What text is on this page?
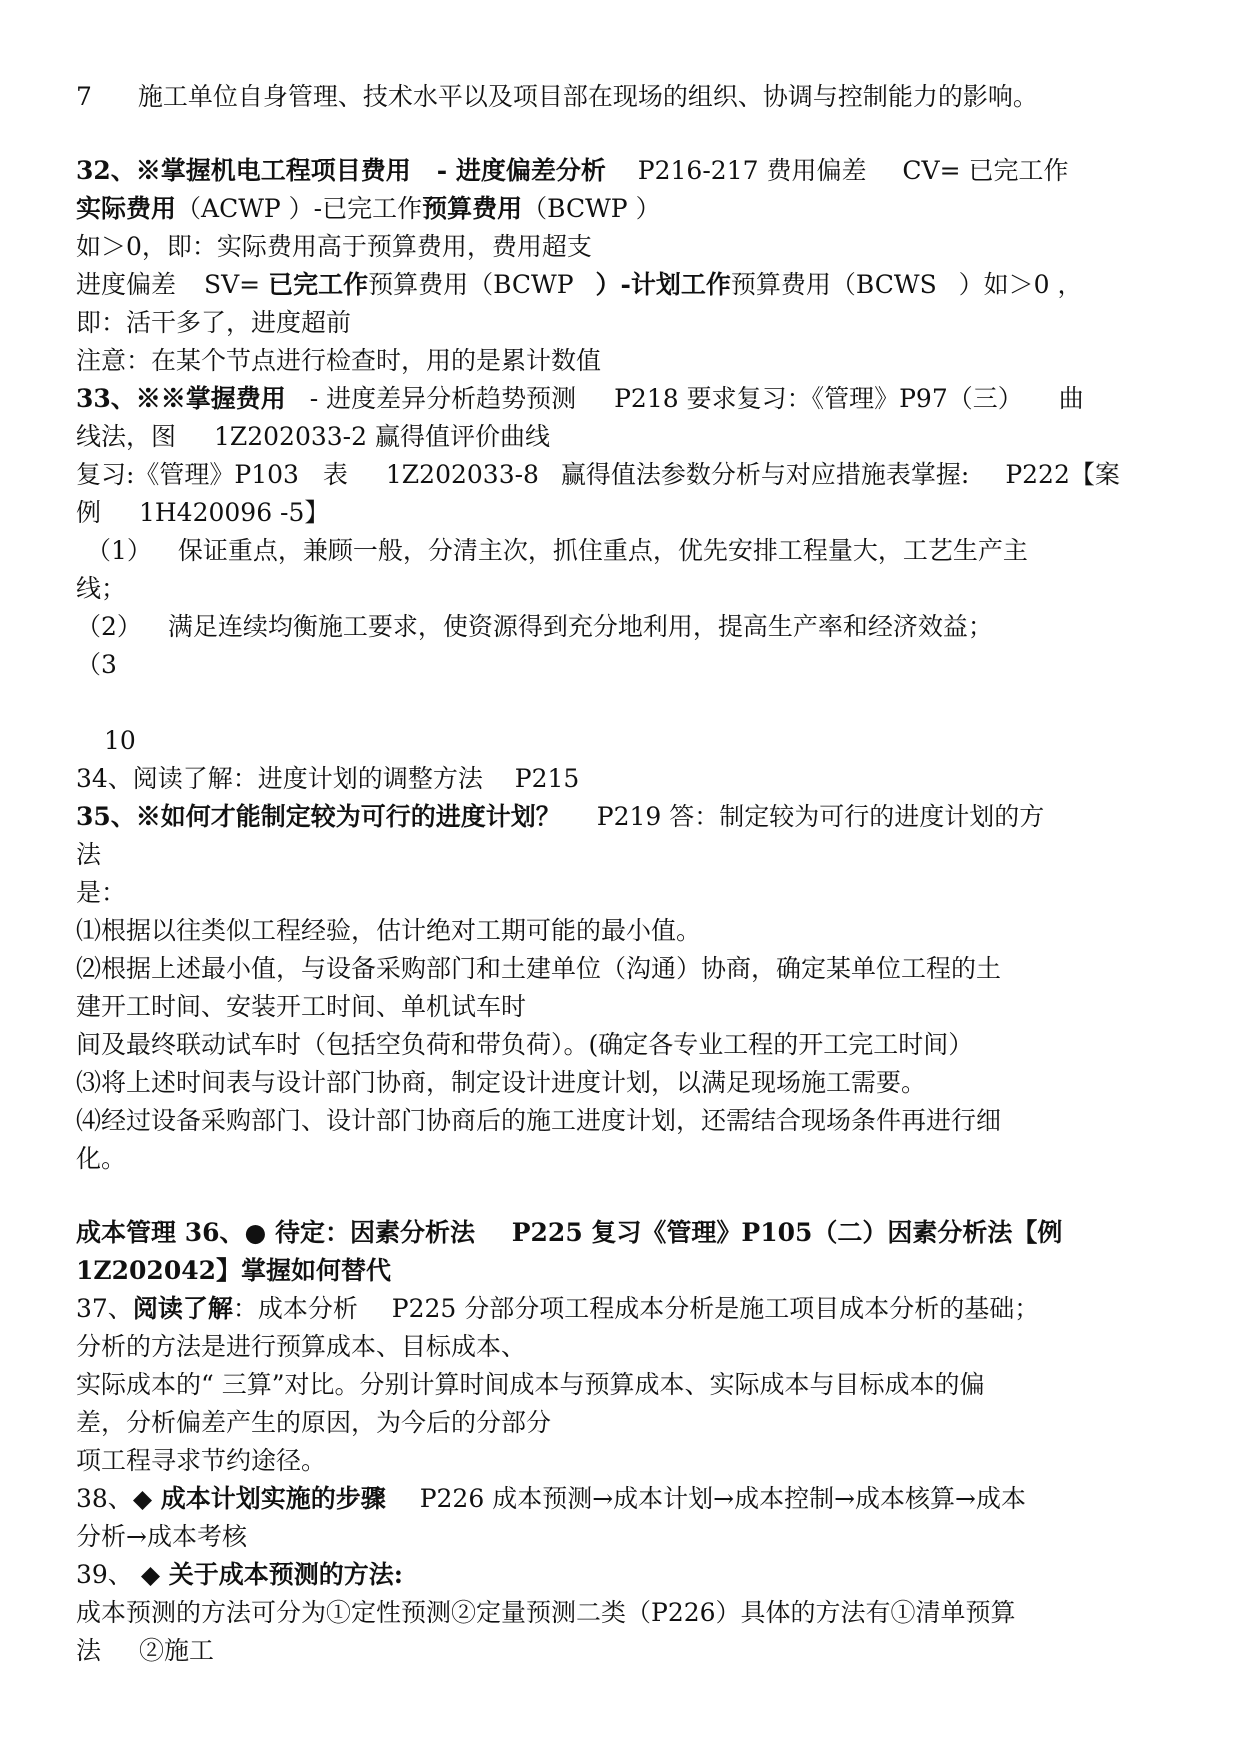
7 施工单位自身管理、技术水平以及项目部在现场的组织、协调与控制能力的影响。
32、※掌握机电工程项目费用 - 进度偏差分析 P216-217 费用偏差 CV= 已完工作
实际费用（ACWP ）-已完工作预算费用（BCWP ）
如＞0，即：实际费用高于预算费用，费用超支
进度偏差 SV= 已完工作预算费用（BCWP ）-计划工作预算费用（BCWS ）如＞0 ，
即：活干多了，进度超前
注意：在某个节点进行检查时，用的是累计数值
33、※※掌握费用 - 进度差异分析趋势预测 P218 要求复习：《管理》P97（三） 曲
线法，图 1Z202033-2 赢得值评价曲线
复习:《管理》P103 表 1Z202033-8 赢得值法参数分析与对应措施表掌握: P222【案
例 1H420096 -5】
（1） 保证重点，兼顾一般，分清主次，抓住重点，优先安排工程量大，工艺生产主
线；
（2） 满足连续均衡施工要求，使资源得到充分地利用，提高生产率和经济效益；
（3
10
34、阅读了解：进度计划的调整方法 P215
35、※如何才能制定较为可行的进度计划？ P219 答：制定较为可行的进度计划的方
法
是：
⑴根据以往类似工程经验，估计绝对工期可能的最小值。
⑵根据上述最小值，与设备采购部门和土建单位（沟通）协商，确定某单位工程的土
建开工时间、安装开工时间、单机试车时
间及最终联动试车时（包括空负荷和带负荷）。(确定各专业工程的开工完工时间）
⑶将上述时间表与设计部门协商，制定设计进度计划，以满足现场施工需要。
⑷经过设备采购部门、设计部门协商后的施工进度计划，还需结合现场条件再进行细
化。
成本管理 36、● 待定：因素分析法 P225 复习《管理》P105（二）因素分析法【例
1Z202042】掌握如何替代
37、阅读了解：成本分析 P225 分部分项工程成本分析是施工项目成本分析的基础；
分析的方法是进行预算成本、目标成本、
实际成本的“ 三算”对比。分别计算时间成本与预算成本、实际成本与目标成本的偏
差，分析偏差产生的原因，为今后的分部分
项工程寻求节约途径。
38、◆ 成本计划实施的步骤 P226 成本预测→成本计划→成本控制→成本核算→成本
分析→成本考核
39、 ◆ 关于成本预测的方法:
成本预测的方法可分为①定性预测②定量预测二类（P226）具体的方法有①清单预算
法 ②施工
